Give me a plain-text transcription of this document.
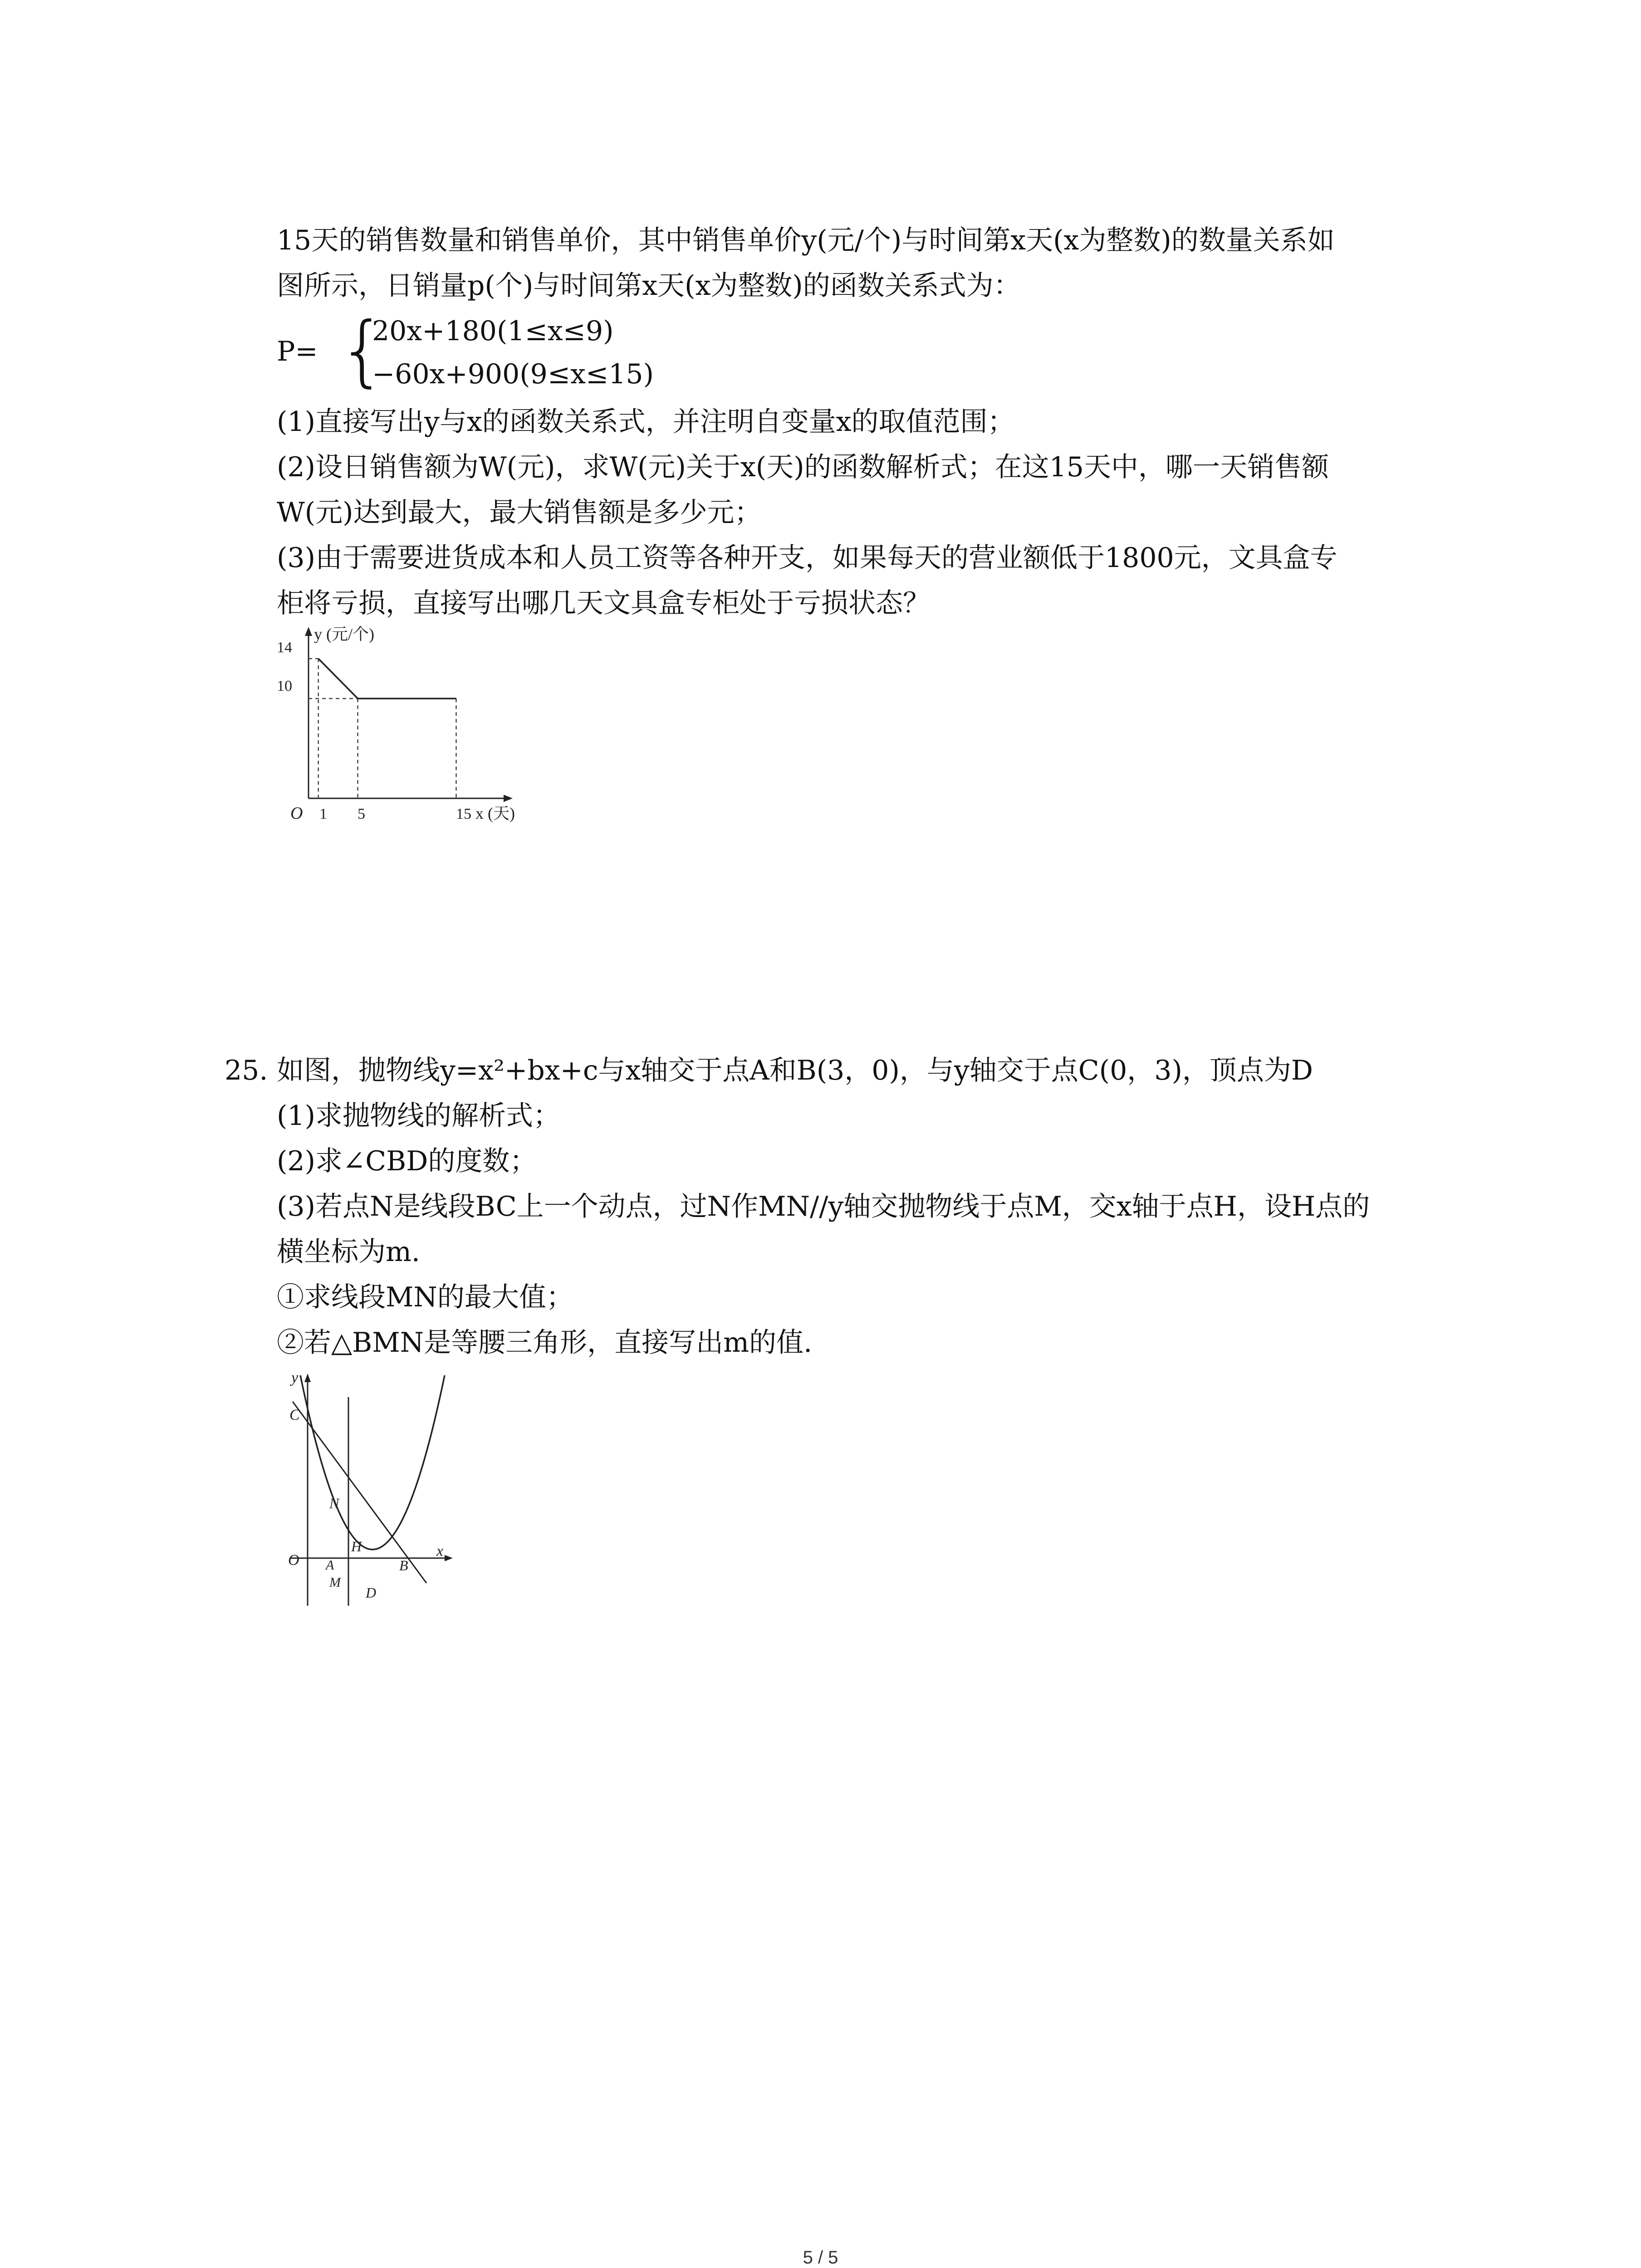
15天的销售数量和销售单价，其中销售单价y(元/个)与时间第x天(x为整数)的数量关系如
图所示，日销量p(个)与时间第x天(x为整数)的函数关系式为：
P= {
20x+180(1≤x≤9)
−60x+900(9≤x≤15)
(1)直接写出y与x的函数关系式，并注明自变量x的取值范围；
(2)设日销售额为W(元)，求W(元)关于x(天)的函数解析式；在这15天中，哪一天销售额
W(元)达到最大，最大销售额是多少元；
(3)由于需要进货成本和人员工资等各种开支，如果每天的营业额低于1800元，文具盒专
柜将亏损，直接写出哪几天文具盒专柜处于亏损状态？
y (元/个)
x (天)
O
14
10
1 5	15
25. 如图，抛物线y=x²+bx+c与x轴交于点A和B(3，0)，与y轴交于点C(0，3)，顶点为D
(1)求抛物线的解析式；
(2)求∠CBD的度数；
(3)若点N是线段BC上一个动点，过N作MN//y轴交抛物线于点M，交x轴于点H，设H点的
横坐标为m.
①求线段MN的最大值；
②若△BMN是等腰三角形，直接写出m的值.
y
x
O
C
N
H
A
M
D
B
5 / 5
